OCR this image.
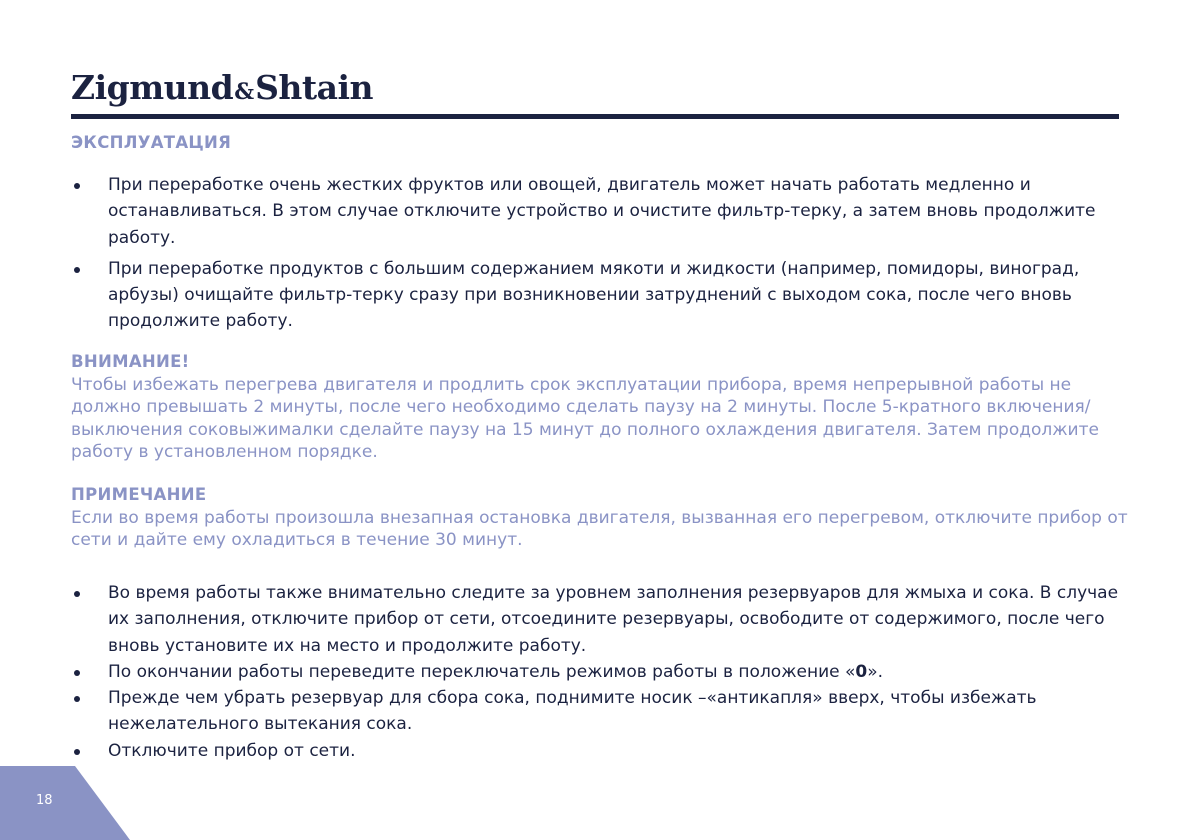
Zigmund&Shtain
ЭКСПЛУАТАЦИЯ
При переработке очень жестких фруктов или овощей, двигатель может начать работать медленно и останавливаться. В этом случае отключите устройство и очистите фильтр-терку, а затем вновь продолжите работу.
При переработке продуктов с большим содержанием мякоти и жидкости (например, помидоры, виноград, арбузы) очищайте фильтр-терку сразу при возникновении затруднений с выходом сока, после чего вновь продолжите работу.
ВНИМАНИЕ!
Чтобы избежать перегрева двигателя и продлить срок эксплуатации прибора, время непрерывной работы не должно превышать 2 минуты, после чего необходимо сделать паузу на 2 минуты. После 5-кратного включения/выключения соковыжималки сделайте паузу на 15 минут до полного охлаждения двигателя. Затем продолжите работу в установленном порядке.
ПРИМЕЧАНИЕ
Если во время работы произошла внезапная остановка двигателя, вызванная его перегревом, отключите прибор от сети и дайте ему охладиться в течение 30 минут.
Во время работы также внимательно следите за уровнем заполнения резервуаров для жмыха и сока. В случае их заполнения, отключите прибор от сети, отсоедините резервуары, освободите от содержимого, после чего вновь установите их на место и продолжите работу.
По окончании работы переведите переключатель режимов работы в положение «0».
Прежде чем убрать резервуар для сбора сока, поднимите носик –«антикапля» вверх, чтобы избежать нежелательного вытекания сока.
Отключите прибор от сети.
18
